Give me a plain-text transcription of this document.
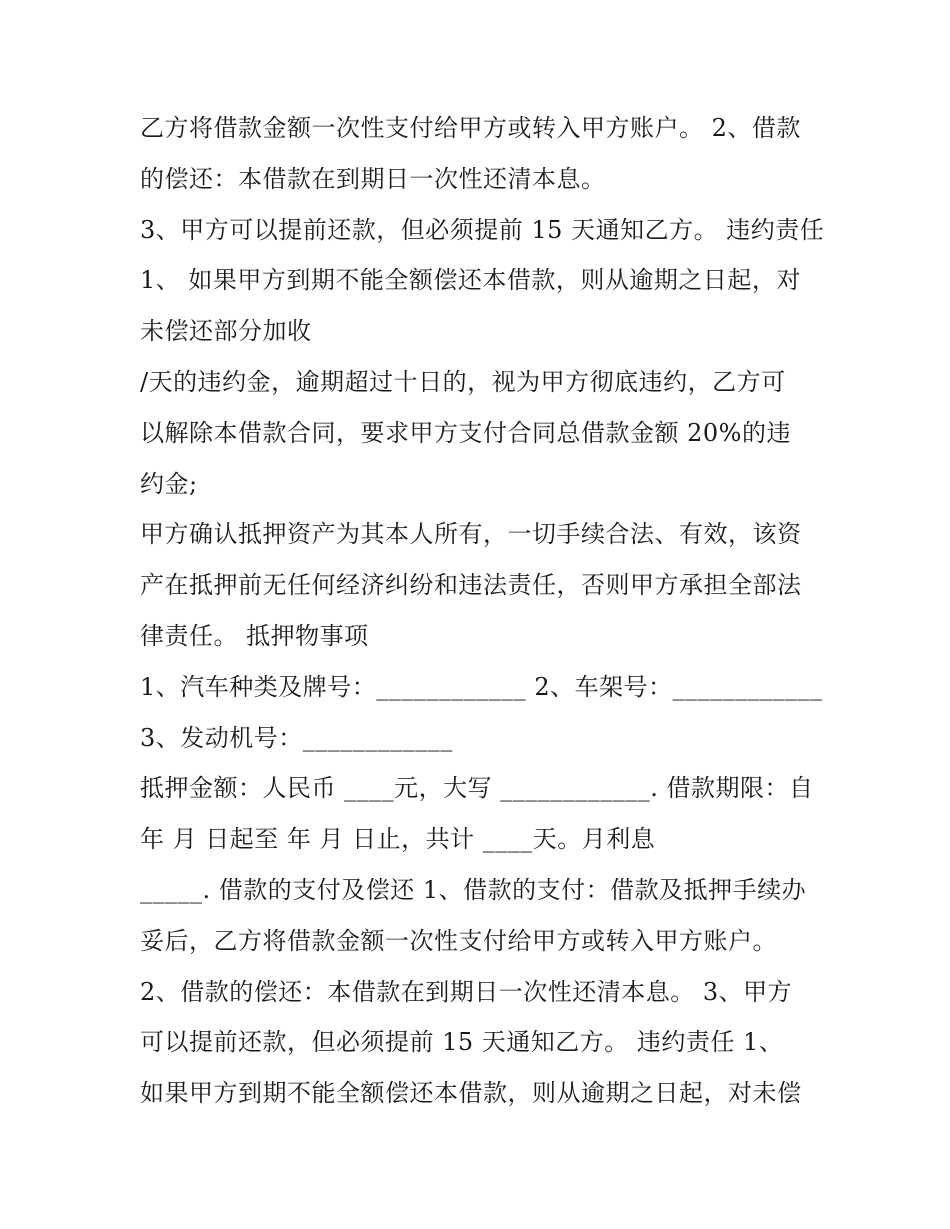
乙方将借款金额一次性支付给甲方或转入甲方账户。 2、借款
的偿还：本借款在到期日一次性还清本息。
3、甲方可以提前还款，但必须提前 15 天通知乙方。 违约责任
1、 如果甲方到期不能全额偿还本借款，则从逾期之日起，对
未偿还部分加收
/天的违约金，逾期超过十日的，视为甲方彻底违约，乙方可
以解除本借款合同，要求甲方支付合同总借款金额 20%的违
约金;
甲方确认抵押资产为其本人所有，一切手续合法、有效，该资
产在抵押前无任何经济纠纷和违法责任，否则甲方承担全部法
律责任。 抵押物事项
1、汽车种类及牌号：____________ 2、车架号：____________
3、发动机号：____________
抵押金额：人民币 ____元，大写 ____________. 借款期限：自
年 月 日起至 年 月 日止，共计 ____天。月利息
_____. 借款的支付及偿还 1、借款的支付：借款及抵押手续办
妥后，乙方将借款金额一次性支付给甲方或转入甲方账户。
2、借款的偿还：本借款在到期日一次性还清本息。 3、甲方
可以提前还款，但必须提前 15 天通知乙方。 违约责任 1、
如果甲方到期不能全额偿还本借款，则从逾期之日起，对未偿
